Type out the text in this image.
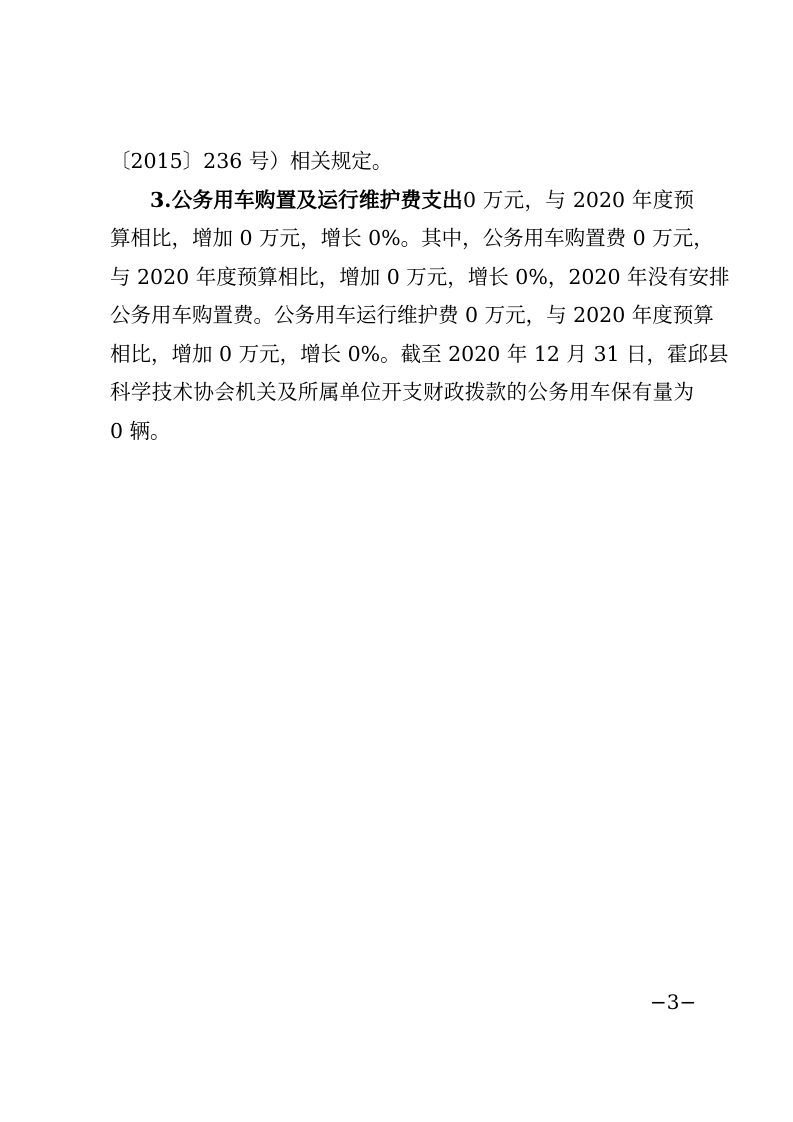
〔2015〕236 号）相关规定。
3.公务用车购置及运行维护费支出0 万元，与 2020 年度预
算相比，增加 0 万元，增长 0%。其中，公务用车购置费 0 万元，
与 2020 年度预算相比，增加 0 万元，增长 0%，2020 年没有安排
公务用车购置费。公务用车运行维护费 0 万元，与 2020 年度预算
相比，增加 0 万元，增长 0%。截至 2020 年 12 月 31 日，霍邱县
科学技术协会机关及所属单位开支财政拨款的公务用车保有量为
0 辆。
−3−
